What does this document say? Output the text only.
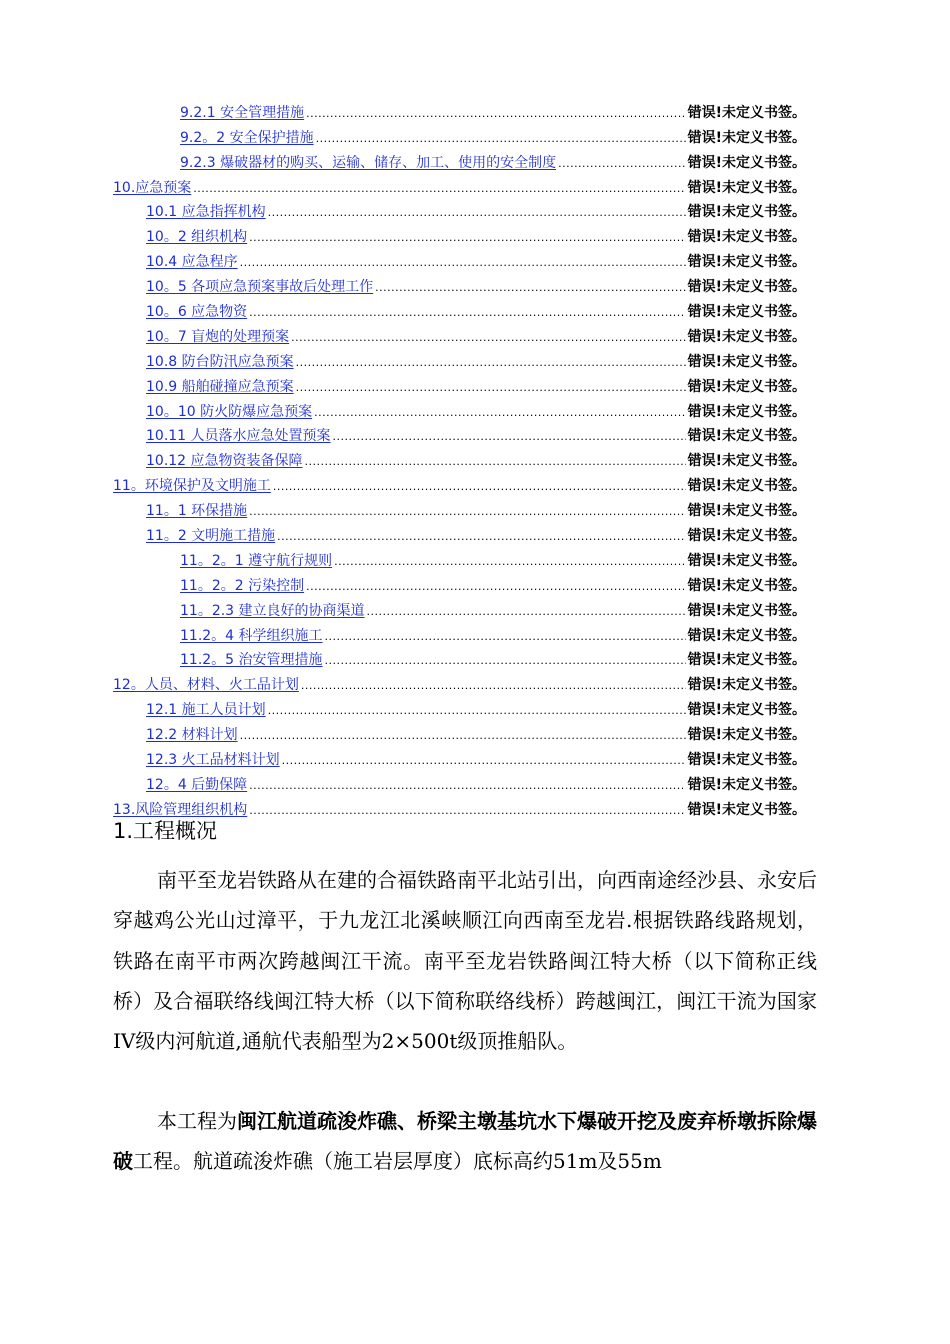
9.2.1 安全管理措施 .....	错误!未定义书签。
9.2。2 安全保护措施 .....	错误!未定义书签。
9.2.3 爆破器材的购买、运输、储存、加工、使用的安全制度 .....	错误!未定义书签。
10.应急预案 .....	错误!未定义书签。
10.1 应急指挥机构 .....	错误!未定义书签。
10。2 组织机构 .....	错误!未定义书签。
10.4 应急程序 .....	错误!未定义书签。
10。5 各项应急预案事故后处理工作 .....	错误!未定义书签。
10。6 应急物资 .....	错误!未定义书签。
10。7 盲炮的处理预案 .....	错误!未定义书签。
10.8 防台防汛应急预案 .....	错误!未定义书签。
10.9 船舶碰撞应急预案 .....	错误!未定义书签。
10。10 防火防爆应急预案 .....	错误!未定义书签。
10.11 人员落水应急处置预案 .....	错误!未定义书签。
10.12 应急物资装备保障 .....	错误!未定义书签。
11。环境保护及文明施工 .....	错误!未定义书签。
11。1 环保措施 .....	错误!未定义书签。
11。2 文明施工措施 .....	错误!未定义书签。
11。2。1 遵守航行规则 .....	错误!未定义书签。
11。2。2 污染控制 .....	错误!未定义书签。
11。2.3 建立良好的协商渠道 .....	错误!未定义书签。
11.2。4 科学组织施工 .....	错误!未定义书签。
11.2。5 治安管理措施 .....	错误!未定义书签。
12。人员、材料、火工品计划 .....	错误!未定义书签。
12.1 施工人员计划 .....	错误!未定义书签。
12.2 材料计划 .....	错误!未定义书签。
12.3 火工品材料计划 .....	错误!未定义书签。
12。4 后勤保障 .....	错误!未定义书签。
13.风险管理组织机构 .....	错误!未定义书签。
1.工程概况

南平至龙岩铁路从在建的合福铁路南平北站引出，向西南途经沙县、永安后穿越鸡公光山过漳平，于九龙江北溪峡顺江向西南至龙岩.根据铁路线路规划，铁路在南平市两次跨越闽江干流。南平至龙岩铁路闽江特大桥（以下简称正线桥）及合福联络线闽江特大桥（以下简称联络线桥）跨越闽江，闽江干流为国家IV级内河航道,通航代表船型为2×500t级顶推船队。

本工程为闽江航道疏浚炸礁、桥梁主墩基坑水下爆破开挖及废弃桥墩拆除爆破工程。航道疏浚炸礁（施工岩层厚度）底标高约51m及55m
